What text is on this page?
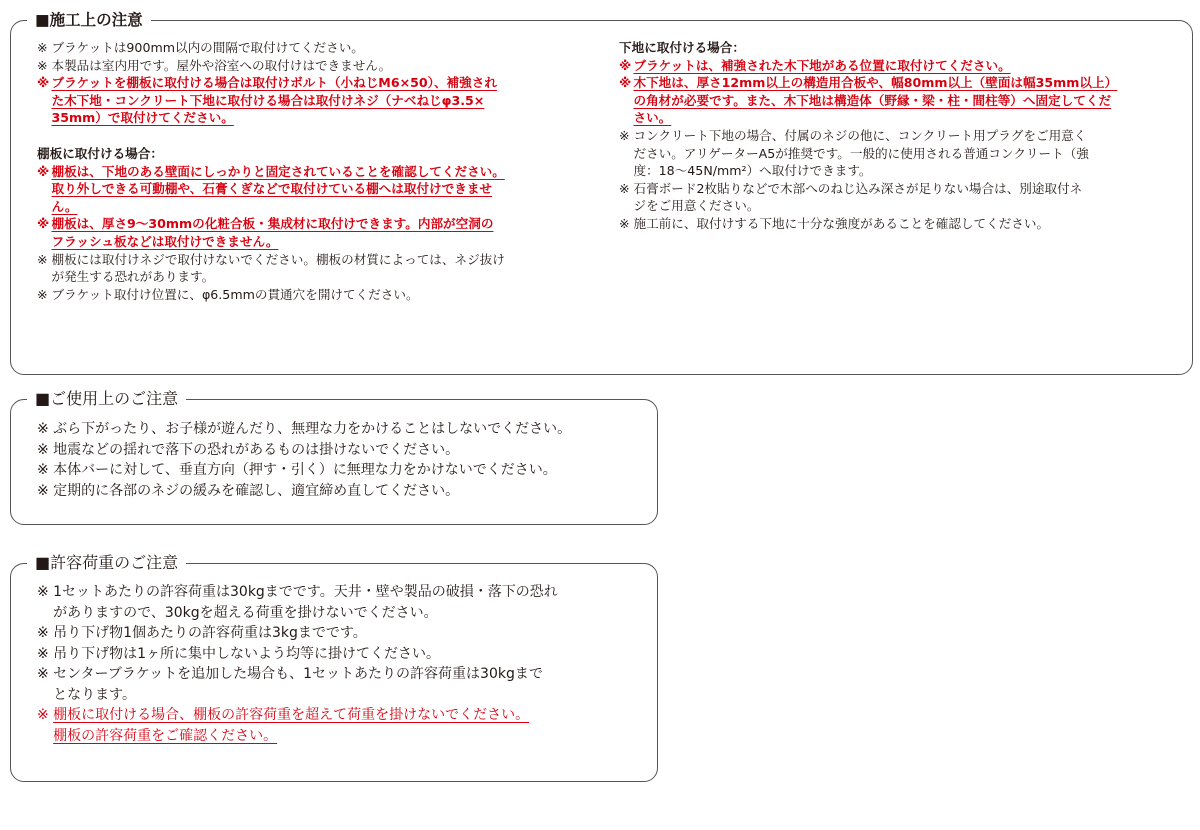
■施工上の注意
※ ブラケットは900mm以内の間隔で取付けてください。
※ 本製品は室内用です。屋外や浴室への取付けはできません。
※ ブラケットを棚板に取付ける場合は取付けボルト（小ねじM6×50）、補強され
た木下地・コンクリート下地に取付ける場合は取付けネジ（ナベねじφ3.5×
35mm）で取付けてください。
棚板に取付ける場合：
※ 棚板は、下地のある壁面にしっかりと固定されていることを確認してください。
取り外しできる可動棚や、石膏くぎなどで取付けている棚へは取付けできませ
ん。
※ 棚板は、厚さ9〜30mmの化粧合板・集成材に取付けできます。内部が空洞の
フラッシュ板などは取付けできません。
※ 棚板には取付けネジで取付けないでください。棚板の材質によっては、ネジ抜け
が発生する恐れがあります。
※ ブラケット取付け位置に、φ6.5mmの貫通穴を開けてください。
下地に取付ける場合：
※ ブラケットは、補強された木下地がある位置に取付けてください。
※ 木下地は、厚さ12mm以上の構造用合板や、幅80mm以上（壁面は幅35mm以上）
の角材が必要です。また、木下地は構造体（野縁・梁・柱・間柱等）へ固定してくだ
さい。
※ コンクリート下地の場合、付属のネジの他に、コンクリート用プラグをご用意く
ださい。アリゲーターA5が推奨です。一般的に使用される普通コンクリート（強
度：18〜45N/mm²）へ取付けできます。
※ 石膏ボード2枚貼りなどで木部へのねじ込み深さが足りない場合は、別途取付ネ
ジをご用意ください。
※ 施工前に、取付けする下地に十分な強度があることを確認してください。
■ご使用上のご注意
※ ぶら下がったり、お子様が遊んだり、無理な力をかけることはしないでください。
※ 地震などの揺れで落下の恐れがあるものは掛けないでください。
※ 本体バーに対して、垂直方向（押す・引く）に無理な力をかけないでください。
※ 定期的に各部のネジの緩みを確認し、適宜締め直してください。
■許容荷重のご注意
※ 1セットあたりの許容荷重は30kgまでです。天井・壁や製品の破損・落下の恐れ
がありますので、30kgを超える荷重を掛けないでください。
※ 吊り下げ物1個あたりの許容荷重は3kgまでです。
※ 吊り下げ物は1ヶ所に集中しないよう均等に掛けてください。
※ センターブラケットを追加した場合も、1セットあたりの許容荷重は30kgまで
となります。
※ 棚板に取付ける場合、棚板の許容荷重を超えて荷重を掛けないでください。
棚板の許容荷重をご確認ください。
